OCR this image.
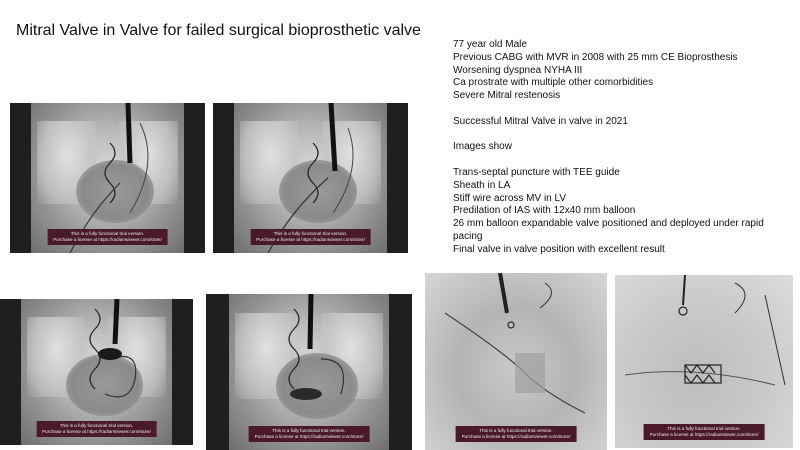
Mitral Valve in Valve for failed surgical bioprosthetic valve
77 year old Male
Previous CABG with MVR in 2008 with 25 mm CE Bioprosthesis
Worsening dyspnea NYHA III
Ca prostrate with multiple other comorbidities
Severe Mitral restenosis
Successful Mitral Valve in valve in 2021
Images show
Trans-septal puncture with TEE guide
Sheath in LA
Stiff wire across MV in LV
Predilation of IAS with 12x40 mm balloon
26 mm balloon expandable valve positioned and deployed under rapid pacing
Final valve in valve position with excellent result
This is a fully functional trial version.
Purchase a license at https://radiantviewer.com/store/
This is a fully functional trial version.
Purchase a license at https://radiantviewer.com/store/
This is a fully functional trial version.
Purchase a license at https://radiantviewer.com/store/	This is a fully functional trial version.
Purchase a license at https://radiantviewer.com/store/
This is a fully functional trial version.
Purchase a license at https://radiantviewer.com/store/
This is a fully functional trial version.
Purchase a license at https://radiantviewer.com/store/
